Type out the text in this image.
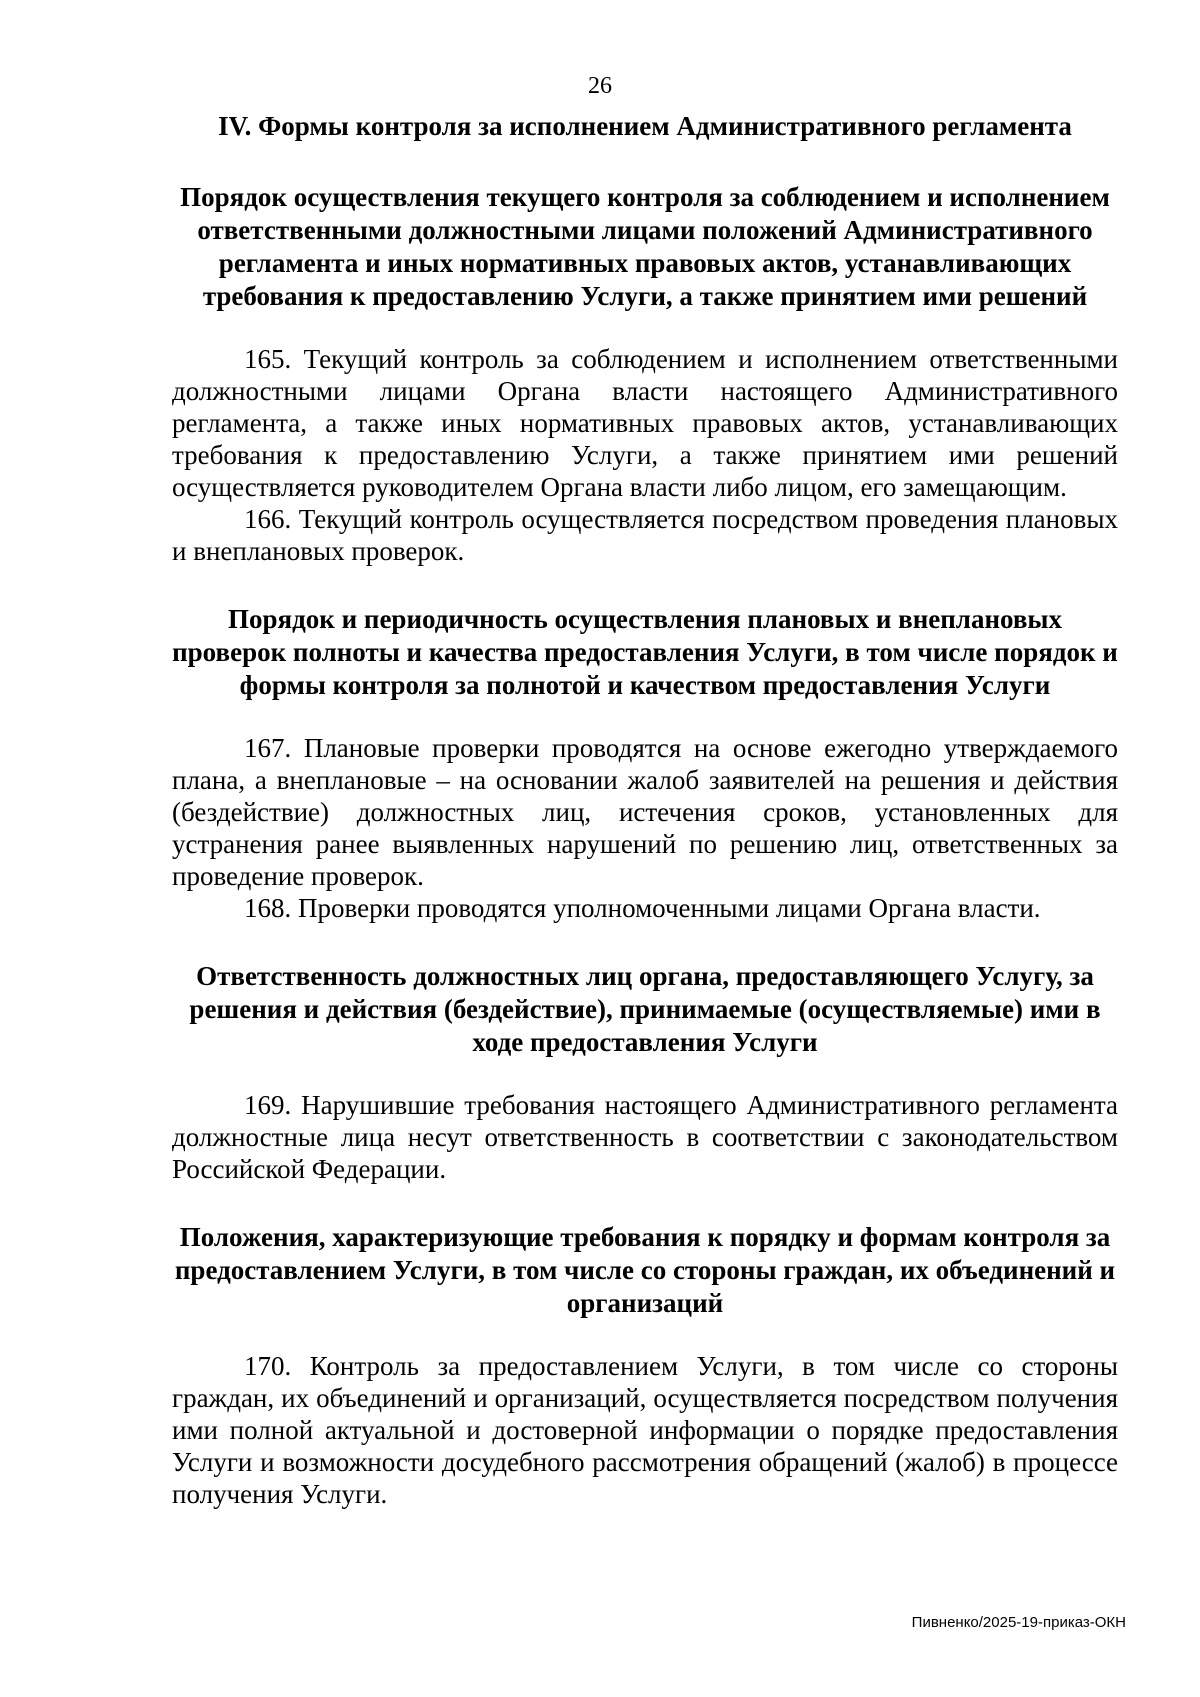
26
IV. Формы контроля за исполнением Административного регламента
Порядок осуществления текущего контроля за соблюдением и исполнением ответственными должностными лицами положений Административного регламента и иных нормативных правовых актов, устанавливающих требования к предоставлению Услуги, а также принятием ими решений

165. Текущий контроль за соблюдением и исполнением ответственными должностными лицами Органа власти настоящего Административного регламента, а также иных нормативных правовых актов, устанавливающих требования к предоставлению Услуги, а также принятием ими решений осуществляется руководителем Органа власти либо лицом, его замещающим.

166. Текущий контроль осуществляется посредством проведения плановых и внеплановых проверок.

Порядок и периодичность осуществления плановых и внеплановых проверок полноты и качества предоставления Услуги, в том числе порядок и формы контроля за полнотой и качеством предоставления Услуги

167. Плановые проверки проводятся на основе ежегодно утверждаемого плана, а внеплановые – на основании жалоб заявителей на решения и действия (бездействие) должностных лиц, истечения сроков, установленных для устранения ранее выявленных нарушений по решению лиц, ответственных за проведение проверок.

168. Проверки проводятся уполномоченными лицами Органа власти.

Ответственность должностных лиц органа, предоставляющего Услугу, за решения и действия (бездействие), принимаемые (осуществляемые) ими в ходе предоставления Услуги

169. Нарушившие требования настоящего Административного регламента должностные лица несут ответственность в соответствии с законодательством Российской Федерации.

Положения, характеризующие требования к порядку и формам контроля за предоставлением Услуги, в том числе со стороны граждан, их объединений и организаций

170. Контроль за предоставлением Услуги, в том числе со стороны граждан, их объединений и организаций, осуществляется посредством получения ими полной актуальной и достоверной информации о порядке предоставления Услуги и возможности досудебного рассмотрения обращений (жалоб) в процессе получения Услуги.

Пивненко/2025-19-приказ-ОКН
